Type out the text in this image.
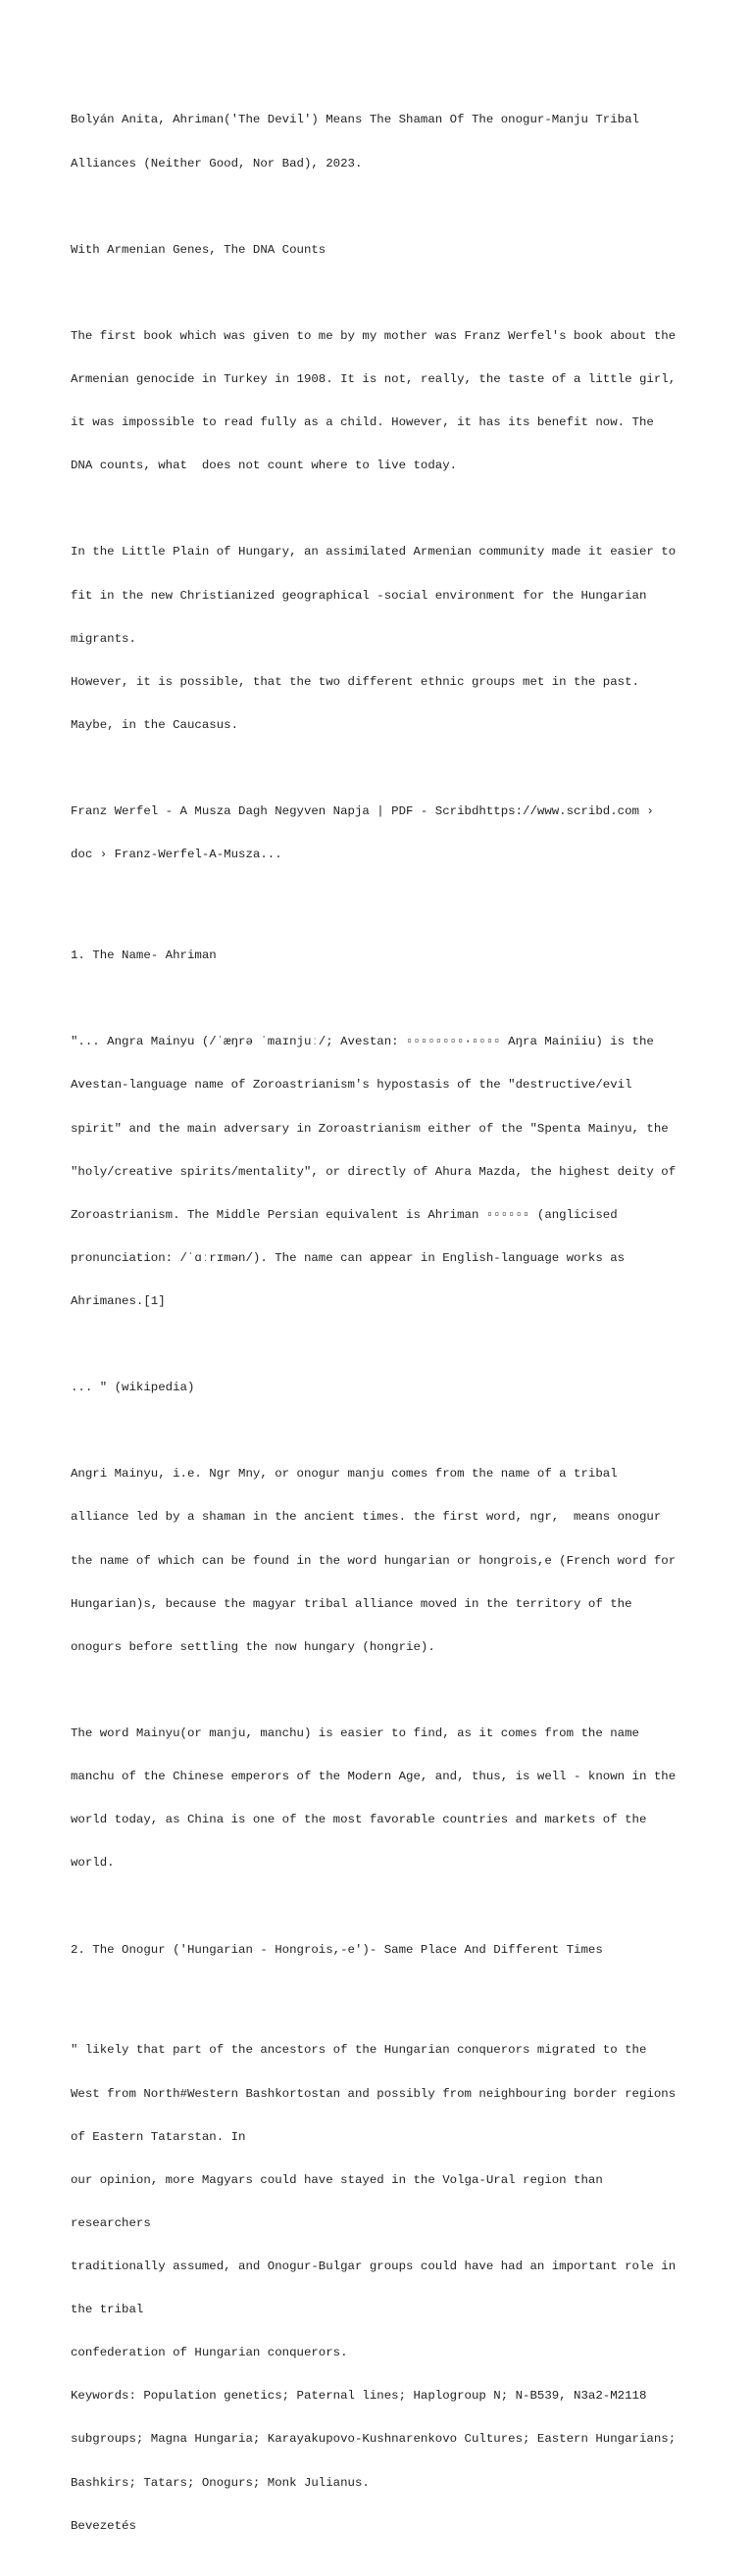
Bolyán Anita, Ahriman('The Devil') Means The Shaman Of The onogur-Manju Tribal

Alliances (Neither Good, Nor Bad), 2023.

With Armenian Genes, The DNA Counts

The first book which was given to me by my mother was Franz Werfel's book about the

Armenian genocide in Turkey in 1908. It is not, really, the taste of a little girl,

it was impossible to read fully as a child. However, it has its benefit now. The

DNA counts, what  does not count where to live today.

In the Little Plain of Hungary, an assimilated Armenian community made it easier to

fit in the new Christianized geographical -social environment for the Hungarian

migrants.

However, it is possible, that the two different ethnic groups met in the past.

Maybe, in the Caucasus.

Franz Werfel - A Musza Dagh Negyven Napja | PDF - Scribdhttps://www.scribd.com ›

doc › Franz-Werfel-A-Musza...

1. The Name- Ahriman

"... Angra Mainyu (/ˈæŋrə ˈmaɪnjuː/; Avestan: ▫▫▫▫▫▫▫▫·▫▫▫▫ Aŋra Mainiiu) is the

Avestan-language name of Zoroastrianism's hypostasis of the "destructive/evil

spirit" and the main adversary in Zoroastrianism either of the "Spenta Mainyu, the

"holy/creative spirits/mentality", or directly of Ahura Mazda, the highest deity of

Zoroastrianism. The Middle Persian equivalent is Ahriman ▫▫▫▫▫▫ (anglicised

pronunciation: /ˈɑːrɪmən/). The name can appear in English-language works as

Ahrimanes.[1]

... " (wikipedia)

Angri Mainyu, i.e. Ngr Mny, or onogur manju comes from the name of a tribal

alliance led by a shaman in the ancient times. the first word, ngr,  means onogur

the name of which can be found in the word hungarian or hongrois,e (French word for

Hungarian)s, because the magyar tribal alliance moved in the territory of the

onogurs before settling the now hungary (hongrie).

The word Mainyu(or manju, manchu) is easier to find, as it comes from the name

manchu of the Chinese emperors of the Modern Age, and, thus, is well - known in the

world today, as China is one of the most favorable countries and markets of the

world.

2. The Onogur ('Hungarian - Hongrois,-e')- Same Place And Different Times

" likely that part of the ancestors of the Hungarian conquerors migrated to the

West from North#Western Bashkortostan and possibly from neighbouring border regions

of Eastern Tatarstan. In

our opinion, more Magyars could have stayed in the Volga-Ural region than

researchers

traditionally assumed, and Onogur-Bulgar groups could have had an important role in

the tribal

confederation of Hungarian conquerors.

Keywords: Population genetics; Paternal lines; Haplogroup N; N-B539, N3a2-M2118

subgroups; Magna Hungaria; Karayakupovo-Kushnarenkovo Cultures; Eastern Hungarians;

Bashkirs; Tatars; Onogurs; Monk Julianus.

Bevezetés
